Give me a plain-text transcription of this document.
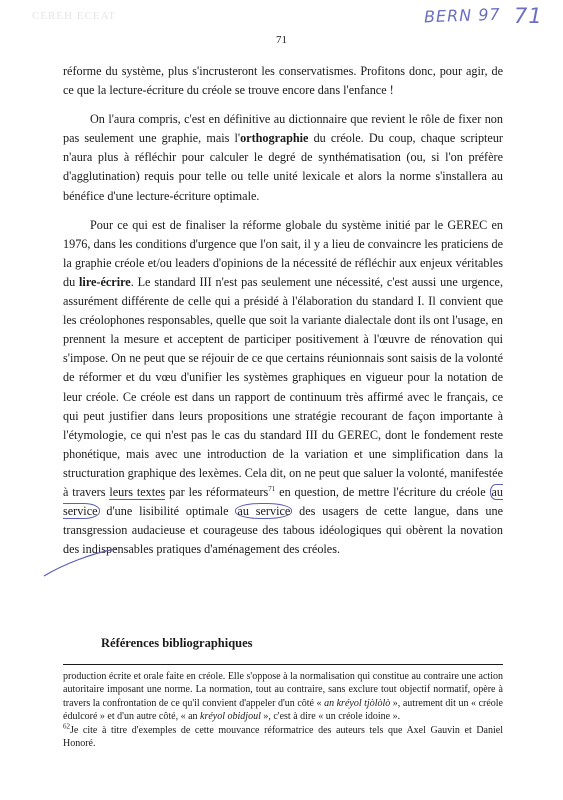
CEREH ECEAT	BERN 97 71
71

réforme du système, plus s'incrusteront les conservatismes. Profitons donc, pour agir, de ce que la lecture-écriture du créole se trouve encore dans l'enfance !

On l'aura compris, c'est en définitive au dictionnaire que revient le rôle de fixer non pas seulement une graphie, mais l'orthographie du créole. Du coup, chaque scripteur n'aura plus à réfléchir pour calculer le degré de synthématisation (ou, si l'on préfère d'agglutination) requis pour telle ou telle unité lexicale et alors la norme s'installera au bénéfice d'une lecture-écriture optimale.

Pour ce qui est de finaliser la réforme globale du système initié par le GEREC en 1976, dans les conditions d'urgence que l'on sait, il y a lieu de convaincre les praticiens de la graphie créole et/ou leaders d'opinions de la nécessité de réfléchir aux enjeux véritables du lire-écrire. Le standard III n'est pas seulement une nécessité, c'est aussi une urgence, assurément différente de celle qui a présidé à l'élaboration du standard I. Il convient que les créolophones responsables, quelle que soit la variante dialectale dont ils ont l'usage, en prennent la mesure et acceptent de participer positivement à l'œuvre de rénovation qui s'impose. On ne peut que se réjouir de ce que certains réunionnais sont saisis de la volonté de réformer et du vœu d'unifier les systèmes graphiques en vigueur pour la notation de leur créole. Ce créole est dans un rapport de continuum très affirmé avec le français, ce qui peut justifier dans leurs propositions une stratégie recourant de façon importante à l'étymologie, ce qui n'est pas le cas du standard III du GEREC, dont le fondement reste phonétique, mais avec une introduction de la variation et une simplification dans la structuration graphique des lexèmes. Cela dit, on ne peut que saluer la volonté, manifestée à travers leurs textes par les réformateurs$^{71}$ en question, de mettre l'écriture du créole au service d'une lisibilité optimale au service des usagers de cette langue, dans une transgression audacieuse et courageuse des tabous idéologiques qui obèrent la novation des indispensables pratiques d'aménagement des créoles.

Références bibliographiques

production écrite et orale faite en créole. Elle s'oppose à la normalisation qui constitue au contraire une action autoritaire imposant une norme. La normation, tout au contraire, sans exclure tout objectif normatif, opère à travers la confrontation de ce qu'il convient d'appeler d'un côté « an kréyol tjòlòlò », autrement dit un « créole édulcoré » et d'un autre côté, « an kréyol obidjoul », c'est à dire « un créole idoine ».

$^{62}$Je cite à titre d'exemples de cette mouvance réformatrice des auteurs tels que Axel Gauvin et Daniel Honoré.
